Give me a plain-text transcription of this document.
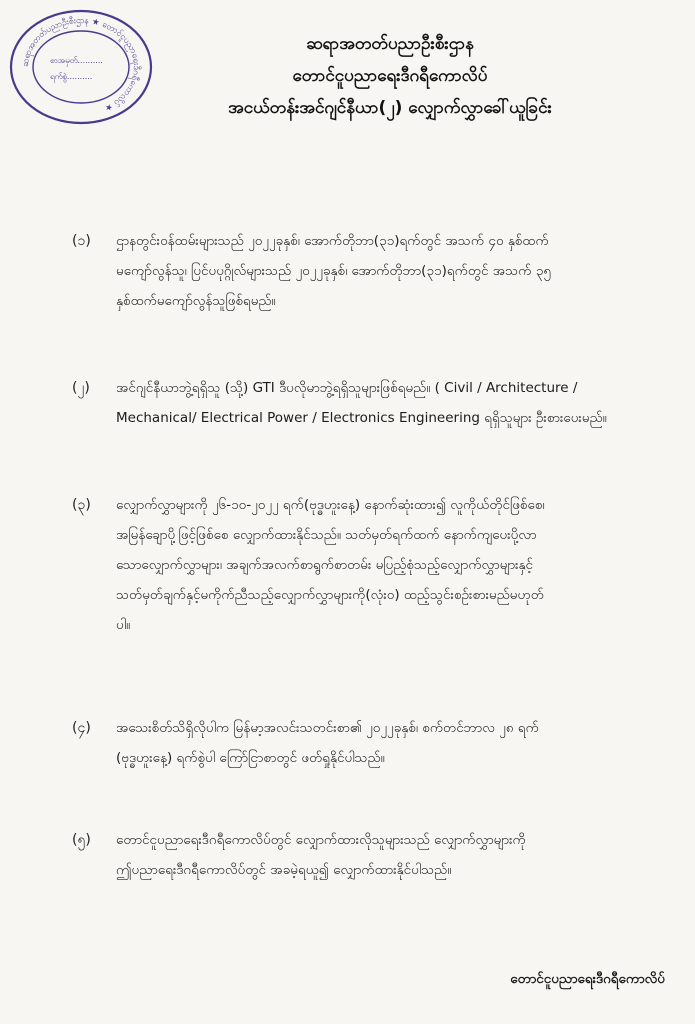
ဆရာအတတ်ပညာဦးစီးဌာန ★ တောင်ငူပညာရေးဒီဂရီကောလိပ် ★
စာအမှတ်..........
ရက်စွဲ..........
ဆရာအတတ်ပညာဦးစီးဌာန
တောင်ငူပညာရေးဒီဂရီကောလိပ်
အငယ်တန်းအင်ဂျင်နီယာ(၂) လျှောက်လွှာခေါ်ယူခြင်း
(၁) ဌာနတွင်းဝန်ထမ်းများသည် ၂၀၂၂ခုနှစ်၊ အောက်တိုဘာ(၃၁)ရက်တွင် အသက် ၄၀ နှစ်ထက်
မကျော်လွန်သူ၊ ပြင်ပပုဂ္ဂိုလ်များသည် ၂၀၂၂ခုနှစ်၊ အောက်တိုဘာ(၃၁)ရက်တွင် အသက် ၃၅
နှစ်ထက်မကျော်လွန်သူဖြစ်ရမည်။
(၂) အင်ဂျင်နီယာဘွဲ့ရရှိသူ (သို့) GTI ဒီပလိုမာဘွဲ့ရရှိသူများဖြစ်ရမည်။ ( Civil / Architecture /
Mechanical/ Electrical Power / Electronics Engineering ရရှိသူများ ဦးစားပေးမည်။
(၃) လျှောက်လွှာများကို ၂၆-၁၀-၂၀၂၂ ရက်(ဗုဒ္ဓဟူးနေ့) နောက်ဆုံးထား၍ လူကိုယ်တိုင်ဖြစ်စေ၊
အမြန်ချောပို့ဖြင့်ဖြစ်စေ လျှောက်ထားနိုင်သည်။ သတ်မှတ်ရက်ထက် နောက်ကျပေးပို့လာ
သောလျှောက်လွှာများ၊ အချက်အလက်စာရွက်စာတမ်း မပြည့်စုံသည့်လျှောက်လွှာများနှင့်
သတ်မှတ်ချက်နှင့်မကိုက်ညီသည့်လျှောက်လွှာများကို(လုံးဝ) ထည့်သွင်းစဉ်းစားမည်မဟုတ်
ပါ။
(၄) အသေးစိတ်သိရှိလိုပါက မြန်မာ့အလင်းသတင်းစာ၏ ၂၀၂၂ခုနှစ်၊ စက်တင်ဘာလ ၂၈ ရက်
(ဗုဒ္ဓဟူးနေ့) ရက်စွဲပါ ကြော်ငြာစာတွင် ဖတ်ရှုနိုင်ပါသည်။
(၅) တောင်ငူပညာရေးဒီဂရီကောလိပ်တွင် လျှောက်ထားလိုသူများသည် လျှောက်လွှာများကို
ဤပညာရေးဒီဂရီကောလိပ်တွင် အခမဲ့ရယူ၍ လျှောက်ထားနိုင်ပါသည်။
တောင်ငူပညာရေးဒီဂရီကောလိပ်
